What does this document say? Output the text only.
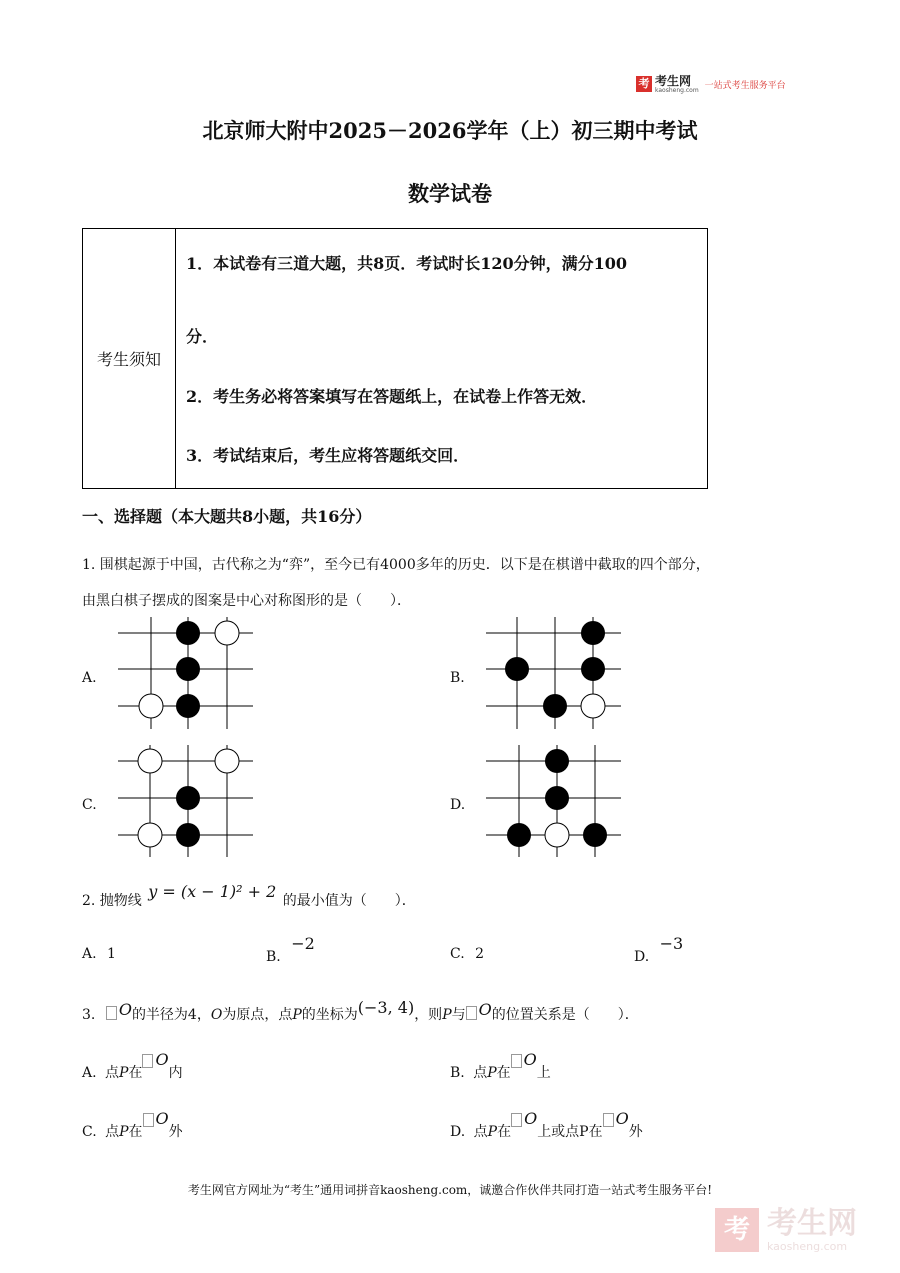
考 考生网
kaosheng.com 一站式考生服务平台
北京师大附中2025－2026学年（上）初三期中考试
数学试卷
考生须知
1．本试卷有三道大题，共8页．考试时长120分钟，满分100
分．
2．考生务必将答案填写在答题纸上，在试卷上作答无效．
3．考试结束后，考生应将答题纸交回．
一、选择题（本大题共8小题，共16分）
1. 围棋起源于中国，古代称之为“弈”，至今已有4000多年的历史．以下是在棋谱中截取的四个部分，
由黑白棋子摆成的图案是中心对称图形的是（　　）．
A.	B.
C.	D.
2. 抛物线 y = (x − 1)² + 2 的最小值为（　　）．
A. 1	B. −2
C. 2	D. −3
3. O的半径为4，O为原点，点P的坐标为(−3, 4)，则P与 O的位置关系是（　　）．
A. 点P在O内	B. 点P在O上
C. 点P在O外	D. 点P在O上或点P在O外
考生网官方网址为“考生”通用词拼音kaosheng.com，诚邀合作伙伴共同打造一站式考生服务平台!
考 考生网
kaosheng.com
